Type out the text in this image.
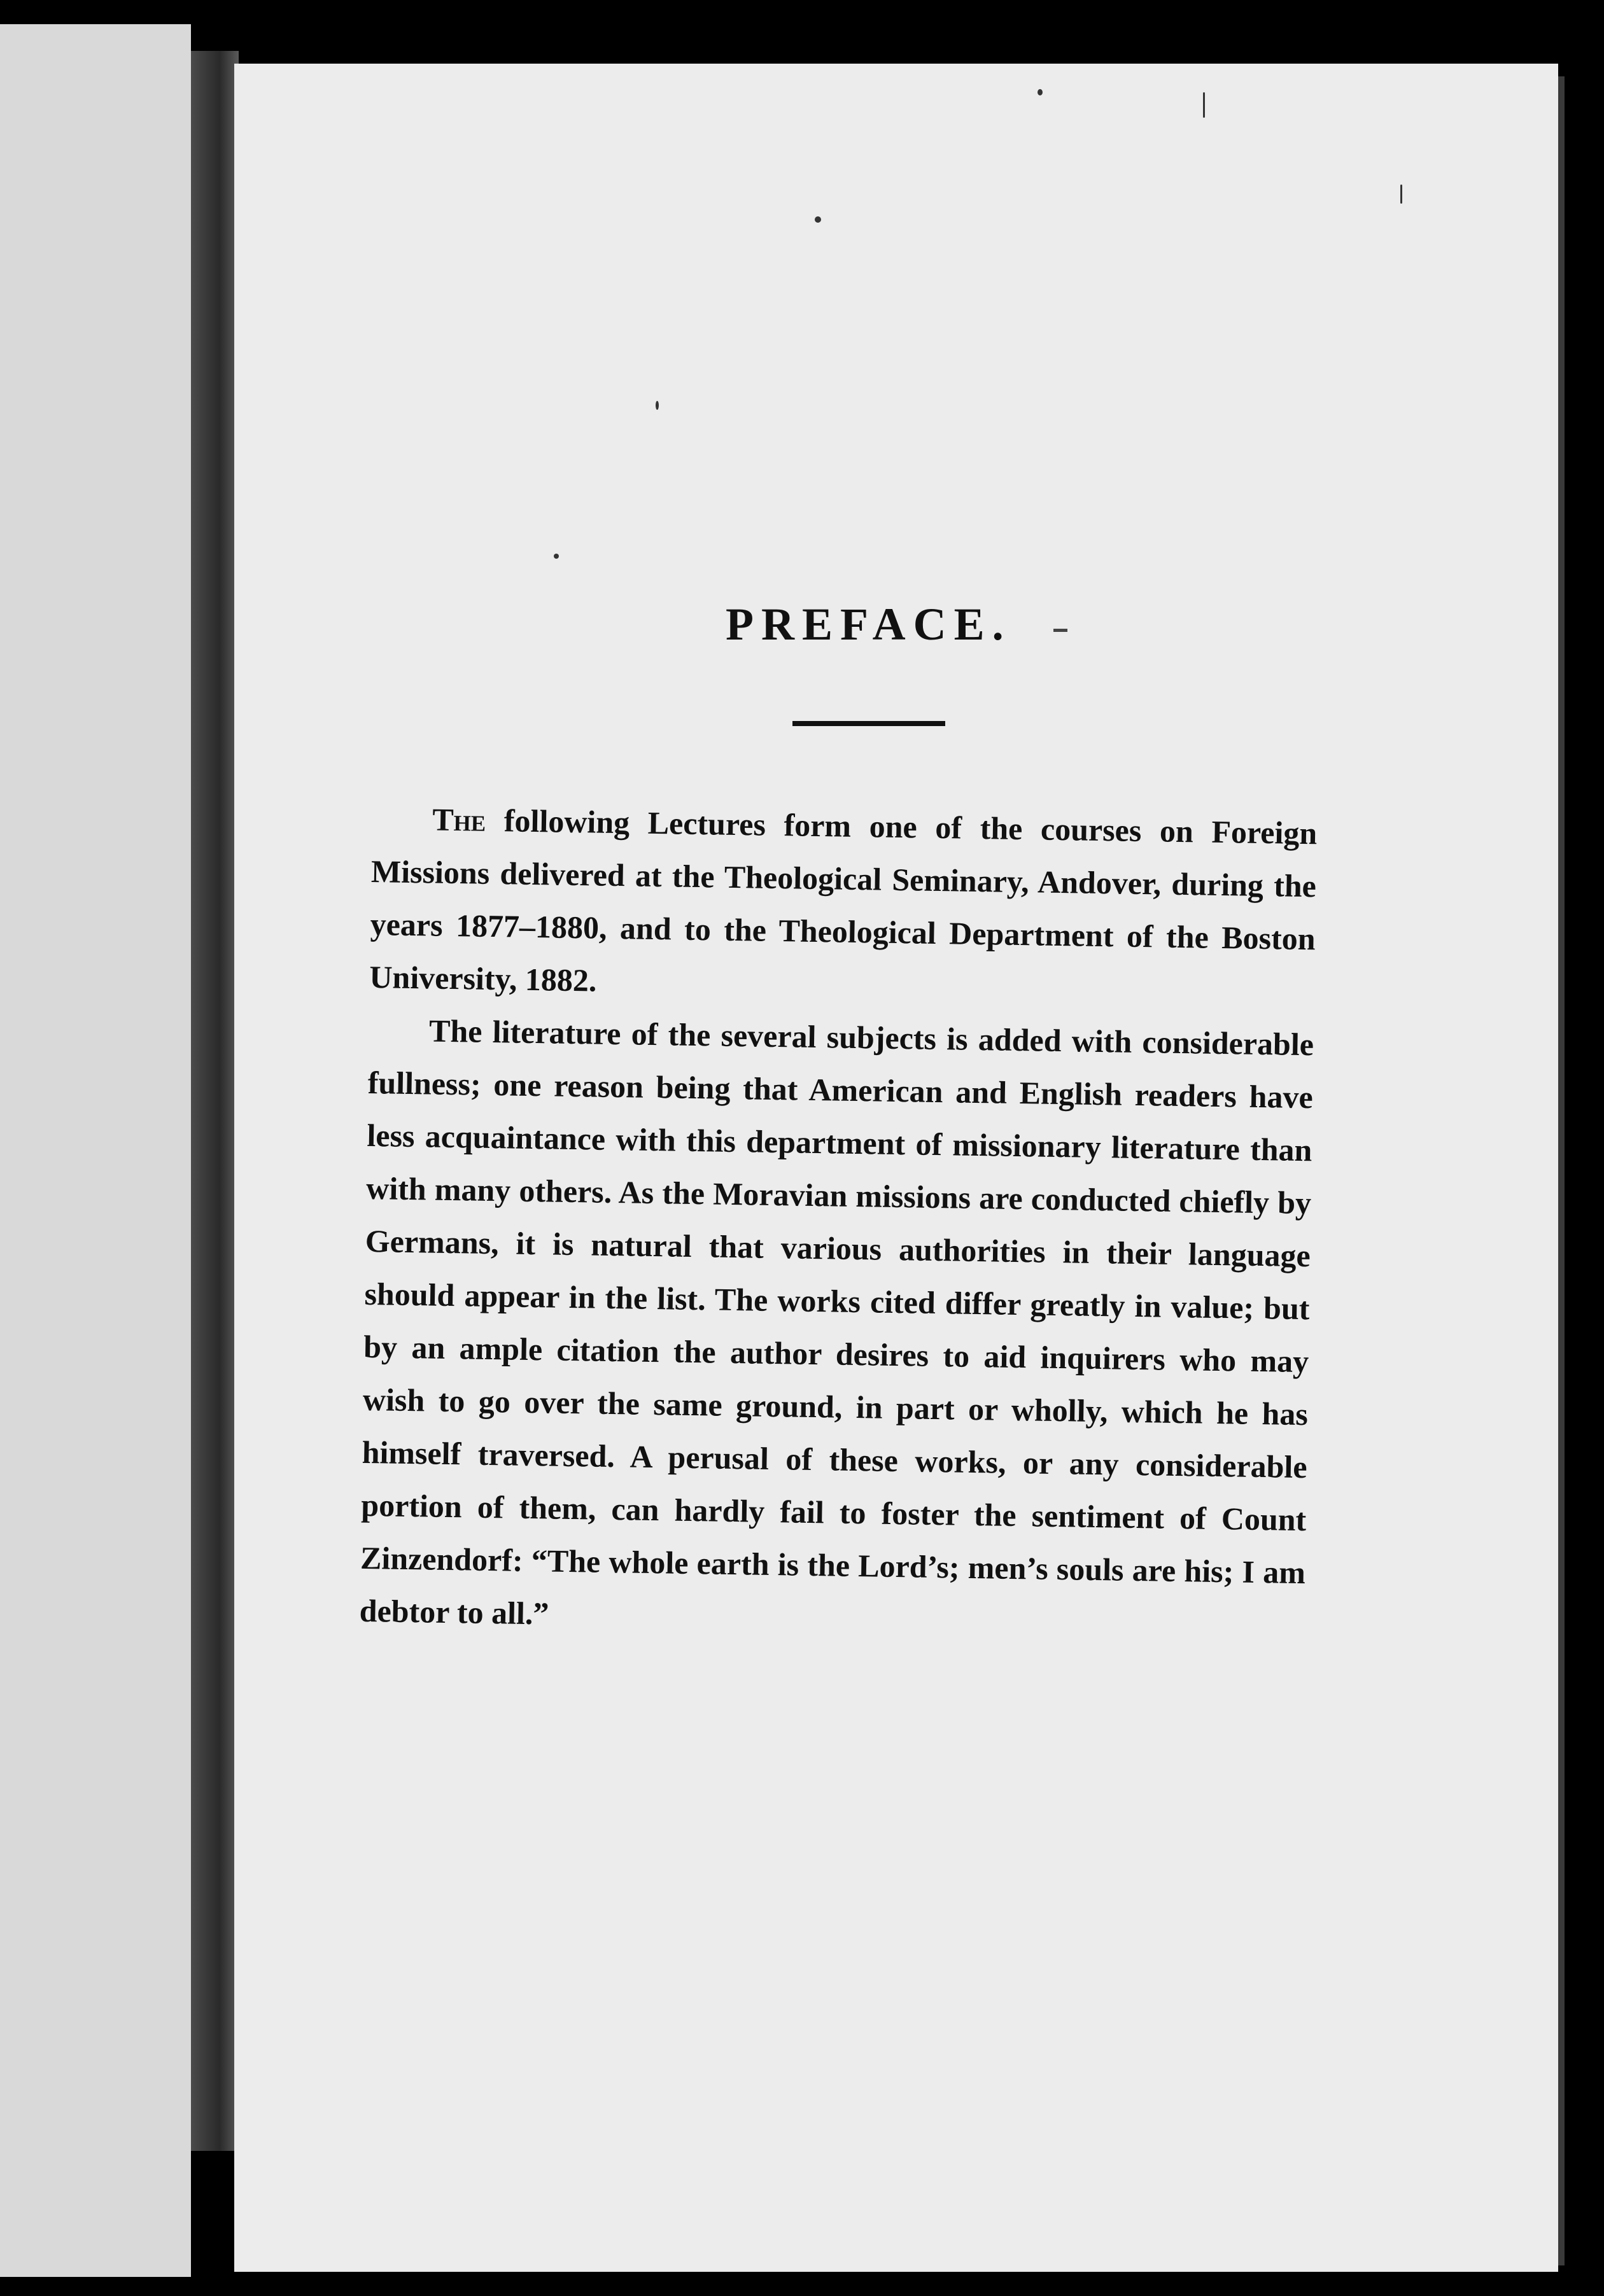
PREFACE.

The following Lectures form one of the courses on Foreign Missions delivered at the Theological Seminary, Andover, during the years 1877–1880, and to the Theological Department of the Boston University, 1882.

The literature of the several subjects is added with considerable fullness; one reason being that American and English readers have less acquaintance with this department of missionary literature than with many others. As the Moravian missions are conducted chiefly by Germans, it is natural that various authorities in their language should appear in the list. The works cited differ greatly in value; but by an ample citation the author desires to aid inquirers who may wish to go over the same ground, in part or wholly, which he has himself traversed. A perusal of these works, or any considerable portion of them, can hardly fail to foster the sentiment of Count Zinzendorf: “The whole earth is the Lord’s; men’s souls are his; I am debtor to all.”
